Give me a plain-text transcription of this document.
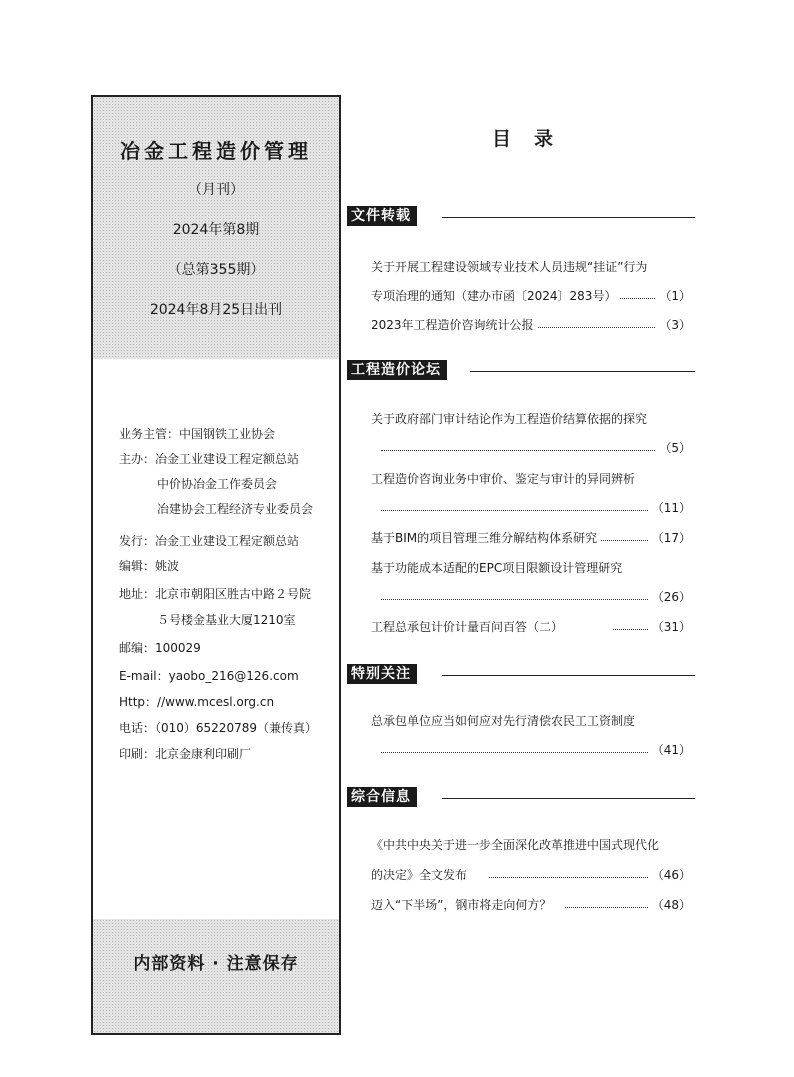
冶金工程造价管理
（月刊）
2024年第8期
（总第355期）
2024年8月25日出刊
业务主管：中国钢铁工业协会
主办：冶金工业建设工程定额总站
中价协冶金工作委员会
冶建协会工程经济专业委员会
发行：冶金工业建设工程定额总站
编辑：姚波
地址：北京市朝阳区胜古中路２号院
５号楼金基业大厦1210室
邮编：100029
E-mail：yaobo_216@126.com
Http：//www.mcesl.org.cn
电话：（010）65220789（兼传真）
印刷：北京金康利印刷厂
内部资料 · 注意保存
目　录
文件转载
关于开展工程建设领域专业技术人员违规“挂证”行为
专项治理的通知（建办市函〔2024〕283号）	（1）
2023年工程造价咨询统计公报	（3）
工程造价论坛
关于政府部门审计结论作为工程造价结算依据的探究
（5）
工程造价咨询业务中审价、鉴定与审计的异同辨析
（11）
基于BIM的项目管理三维分解结构体系研究	（17）
基于功能成本适配的EPC项目限额设计管理研究
（26）
工程总承包计价计量百问百答（二）	（31）
特别关注
总承包单位应当如何应对先行清偿农民工工资制度
（41）
综合信息
《中共中央关于进一步全面深化改革推进中国式现代化
的决定》全文发布	（46）
迈入“下半场”，钢市将走向何方？	（48）
